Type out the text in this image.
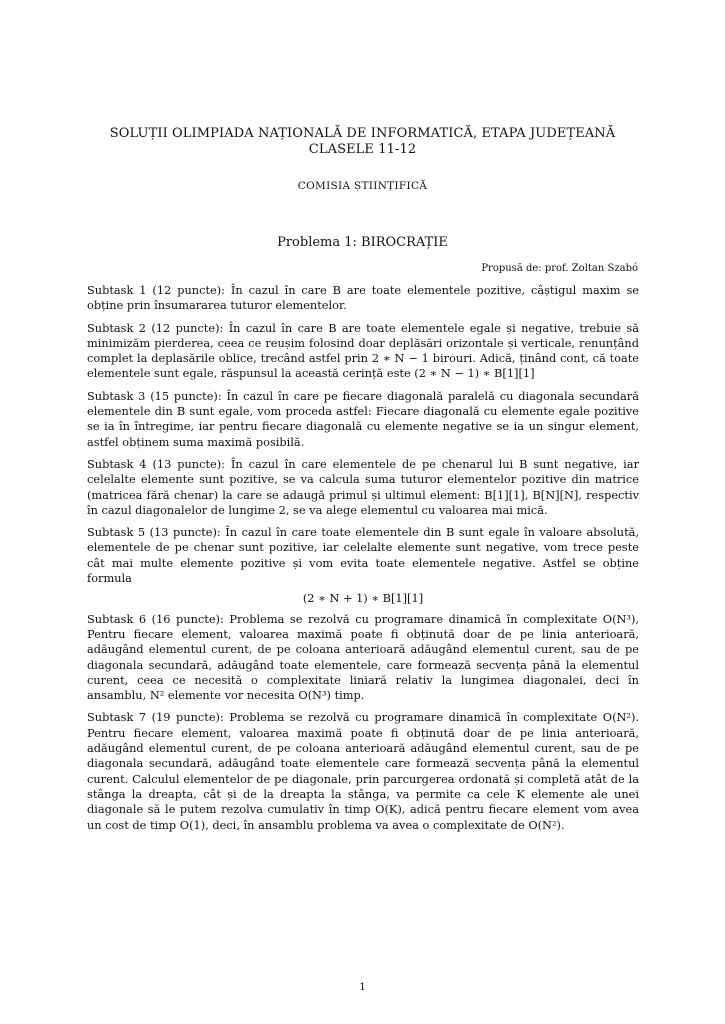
SOLUȚII OLIMPIADA NAȚIONALĂ DE INFORMATICĂ, ETAPA JUDEȚEANĂ
CLASELE 11-12
COMISIA ȘTIINȚIFICĂ
Problema 1: BIROCRAȚIE
Propusă de: prof. Zoltan Szabó

Subtask 1 (12 puncte): În cazul în care B are toate elementele pozitive, câștigul maxim se obține prin însumararea tuturor elementelor.

Subtask 2 (12 puncte): În cazul în care B are toate elementele egale și negative, trebuie să minimizăm pierderea, ceea ce reușim folosind doar deplăsări orizontale și verticale, renunțând complet la deplasările oblice, trecând astfel prin 2 ∗ N − 1 birouri. Adică, ținând cont, că toate elementele sunt egale, răspunsul la această cerință este (2 ∗ N − 1) ∗ B[1][1]

Subtask 3 (15 puncte): În cazul în care pe fiecare diagonală paralelă cu diagonala secundară elementele din B sunt egale, vom proceda astfel: Fiecare diagonală cu elemente egale pozitive se ia în întregime, iar pentru fiecare diagonală cu elemente negative se ia un singur element, astfel obținem suma maximă posibilă.

Subtask 4 (13 puncte): În cazul în care elementele de pe chenarul lui B sunt negative, iar celelalte elemente sunt pozitive, se va calcula suma tuturor elementelor pozitive din matrice (matricea fără chenar) la care se adaugă primul și ultimul element: B[1][1], B[N][N], respectiv în cazul diagonalelor de lungime 2, se va alege elementul cu valoarea mai mică.

Subtask 5 (13 puncte): În cazul în care toate elementele din B sunt egale în valoare absolută, elementele de pe chenar sunt pozitive, iar celelalte elemente sunt negative, vom trece peste cât mai multe elemente pozitive și vom evita toate elementele negative. Astfel se obține formula

(2 ∗ N + 1) ∗ B[1][1]

Subtask 6 (16 puncte): Problema se rezolvă cu programare dinamică în complexitate O(N³), Pentru fiecare element, valoarea maximă poate fi obținută doar de pe linia anterioară, adăugând elementul curent, de pe coloana anterioară adăugând elementul curent, sau de pe diagonala secundară, adăugând toate elementele, care formează secvența până la elementul curent, ceea ce necesită o complexitate liniară relativ la lungimea diagonalei, deci în ansamblu, N² elemente vor necesita O(N³) timp.

Subtask 7 (19 puncte): Problema se rezolvă cu programare dinamică în complexitate O(N²). Pentru fiecare element, valoarea maximă poate fi obținută doar de pe linia anterioară, adăugând elementul curent, de pe coloana anterioară adăugând elementul curent, sau de pe diagonala secundară, adăugând toate elementele care formează secvența până la elementul curent. Calculul elementelor de pe diagonale, prin parcurgerea ordonată și completă atât de la stânga la dreapta, cât și de la dreapta la stânga, va permite ca cele K elemente ale unei diagonale să le putem rezolva cumulativ în timp O(K), adică pentru fiecare element vom avea un cost de timp O(1), deci, în ansamblu problema va avea o complexitate de O(N²).

1
